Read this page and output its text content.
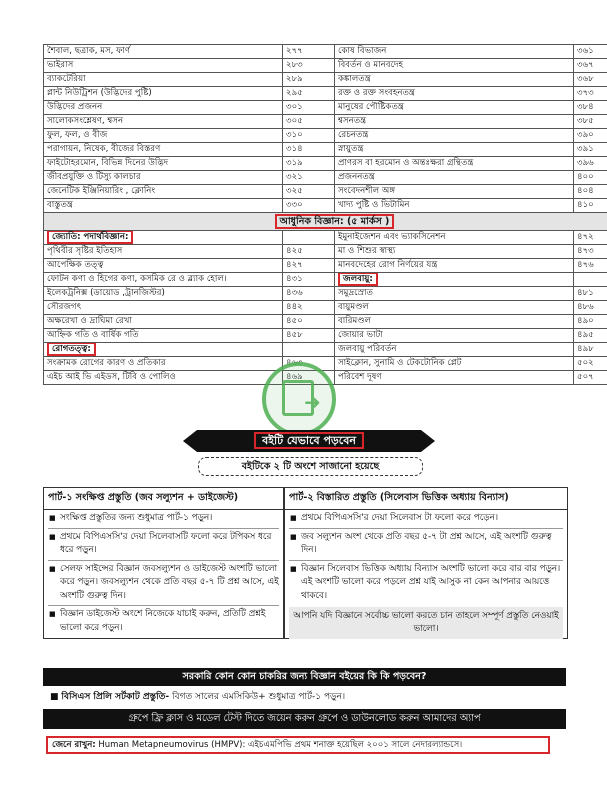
শৈবাল, ছত্রাক, মস, ফার্ণ	২৭৭	কোষ বিভাজন	৩৬১
ভাইরাস	২৮৩	বিবর্তন ও মানবদেহ	৩৬৭
ব্যাকটেরিয়া	২৮৯	কঙ্কালতন্ত্র	৩৬৮
প্লান্ট নিউট্রিশন (উদ্ভিদের পুষ্টি)	২৯৫	রক্ত ও রক্ত সংবহনতন্ত্র	৩৭৩
উদ্ভিদের প্রজনন	৩০১	মানুষের পৌষ্টিকতন্ত্র	৩৮৪
সালোকসংশ্লেষণ, শ্বসন	৩০৫	শ্বসনতন্ত্র	৩৮৫
ফুল, ফল, ও বীজ	৩১০	রেচনতন্ত্র	৩৯০
পরাগায়ন, নিষেক, বীজের বিস্তরণ	৩১৪	স্নায়ুতন্ত্র	৩৯১
ফাইটোহরমোন, বিভিন্ন দিনের উদ্ভিদ	৩১৯	প্রাণরস বা হরমোন ও অন্তঃক্ষরা গ্রন্থিতন্ত্র	৩৯৬
জীবপ্রযুক্তি ও টিস্যু কালচার	৩২১	প্রজননতন্ত্র	৪০০
জেনেটিক ইঞ্জিনিয়ারিং , ক্লোনিং	৩২৫	সংবেদনশীল অঙ্গ	৪০৪
বাস্তুতন্ত্র	৩৩০	খাদ্য পুষ্টি ও ভিটামিন	৪১০
আধুনিক বিজ্ঞান: (৫ মার্কস )			
জ্যোতি: পদার্থবিজ্ঞান:		ইমুনাইজেশন এবং ভ্যাকসিনেশন	৪৭২
পৃথিবীর সৃষ্টির ইতিহাস	৪২৫	মা ও শিশুর স্বাস্থ্য	৪৭৩
আপেক্ষিক তত্ত্ব	৪২৭	মানবদেহের রোগ নির্ণয়ের যন্ত্র	৪৭৬
ফোটন কণা ও হিগের কণা, কসমিক রে ও ব্ল্যাক হোল।	৪৩১	জলবায়ু:	
ইলেকট্রনিক্স (ডায়োড ,ট্রানজিস্টর)	৪৩৬	সমুদ্রস্রোত	৪৮১
সৌরজগৎ	৪৪২	বায়ুমণ্ডল	৪৮৬
অক্ষরেখা ও দ্রাঘিমা রেখা	৪৫০	বারিমণ্ডল	৪৯০
আহ্নিক গতি ও বার্ষিক গতি	৪৫৮	জোয়ার ভাটা	৪৯৫
রোগতত্ত্ব:		জলবায়ু পরিবর্তন	৪৯৮
সংক্রামক রোগের কারণ ও প্রতিকার	৪৬৩	সাইক্লোন, সুনামি ও টেকটোনিক প্লেট	৫০২
এইচ আই ভি এইডস, টিবি ও পোলিও	৪৬৯	পরিবেশ দূষণ	৫০৭
➜
বইটি যেভাবে পড়বেন
বইটিকে ২ টি অংশে সাজানো হয়েছে
পার্ট-১ সংক্ষিপ্ত প্রস্তুতি (জব সল্যুশন + ডাইজেস্ট)
■ সংক্ষিপ্ত প্রস্তুতির জন্য শুধুমাত্র পার্ট-১ পড়ুন।
■ প্রথমে বিপিএসসি'র দেয়া সিলেবাসটি ফলো করে টপিকস ধরে ধরে পড়ুন।
■ সেলফ সাইন্সের বিজ্ঞান জবসল্যুশন ও ডাইজেস্ট অংশটি ভালো করে পড়ুন। জবসল্যুশন থেকে প্রতি বছর ৫-৭ টি প্রশ্ন আসে, এই অংশটি গুরুত্ব দিন।
■ বিজ্ঞান ডাইজেস্ট অংশে নিজেকে যাচাই করুন, প্রতিটি প্রশ্নই ভালো করে পড়ুন।
পার্ট-২ বিস্তারিত প্রস্তুতি (সিলেবাস ভিত্তিক অধ্যায় বিন্যাস)
■ প্রথমে বিপিএসসি'র দেয়া সিলেবাস টা ফলো করে পড়েন।
■ জব সল্যুশন অংশ থেকে প্রতি বছর ৫-৭ টা প্রশ্ন আসে, এই অংশটি গুরুত্ব দিন।
■ বিজ্ঞান সিলেবাস ভিত্তিক অধ্যায় বিন্যাস অংশটি ভালো করে বার বার পড়ুন। এই অংশটি ভালো করে পড়লে প্রশ্ন যাই আসুক না কেন আপনার আয়ত্তে থাকবে।
আপনি যদি বিজ্ঞানে সর্বোচ্চ ভালো করতে চান তাহলে সম্পূর্ণ প্রস্তুতি নেওয়াই ভালো।
সরকারি কোন কোন চাকরির জন্য বিজ্ঞান বইয়ের কি কি পড়বেন?
■ বিসিএস প্রিলি সর্টকাট প্রস্তুতি- বিগত সালের এমসিকিউ+ শুধুমাত্র পার্ট-১ পড়ুন।
গ্রুপে ফ্রি ক্লাস ও মডেল টেস্ট দিতে জয়েন করুন গ্রুপে ও ডাউনলোড করুন আমাদের অ্যাপ
জেনে রাখুন: Human Metapneumovirus (HMPV): এইচএমপিভি প্রথম শনাক্ত হয়েছিল ২০০১ সালে নেদারল্যান্ডসে।
